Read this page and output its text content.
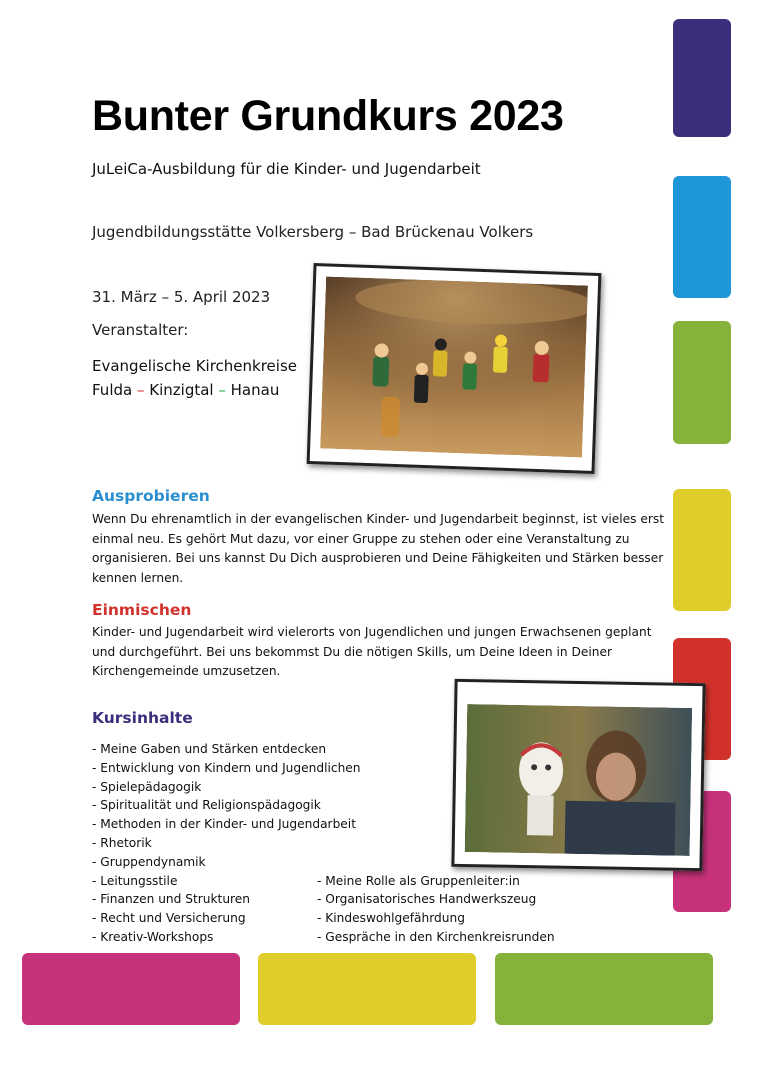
Bunter Grundkurs 2023
JuLeiCa-Ausbildung für die Kinder- und Jugendarbeit
Jugendbildungsstätte Volkersberg – Bad Brückenau Volkers
31. März – 5. April 2023
Veranstalter:
Evangelische Kirchenkreise
Fulda – Kinzigtal – Hanau
Ausprobieren
Wenn Du ehrenamtlich in der evangelischen Kinder- und Jugendarbeit beginnst, ist vieles erst einmal neu. Es gehört Mut dazu, vor einer Gruppe zu stehen oder eine Veranstaltung zu organisieren. Bei uns kannst Du Dich ausprobieren und Deine Fähigkeiten und Stärken besser kennen lernen.
Einmischen
Kinder- und Jugendarbeit wird vielerorts von Jugendlichen und jungen Erwachsenen geplant und durchgeführt. Bei uns bekommst Du die nötigen Skills, um Deine Ideen in Deiner Kirchengemeinde umzusetzen.
Kursinhalte
- Meine Gaben und Stärken entdecken
- Entwicklung von Kindern und Jugendlichen
- Spielepädagogik
- Spiritualität und Religionspädagogik
- Methoden in der Kinder- und Jugendarbeit
- Rhetorik
- Gruppendynamik
- Leitungsstile
- Finanzen und Strukturen
- Recht und Versicherung
- Kreativ-Workshops
- Meine Rolle als Gruppenleiter:in
- Organisatorisches Handwerkszeug
- Kindeswohlgefährdung
- Gespräche in den Kirchenkreisrunden
